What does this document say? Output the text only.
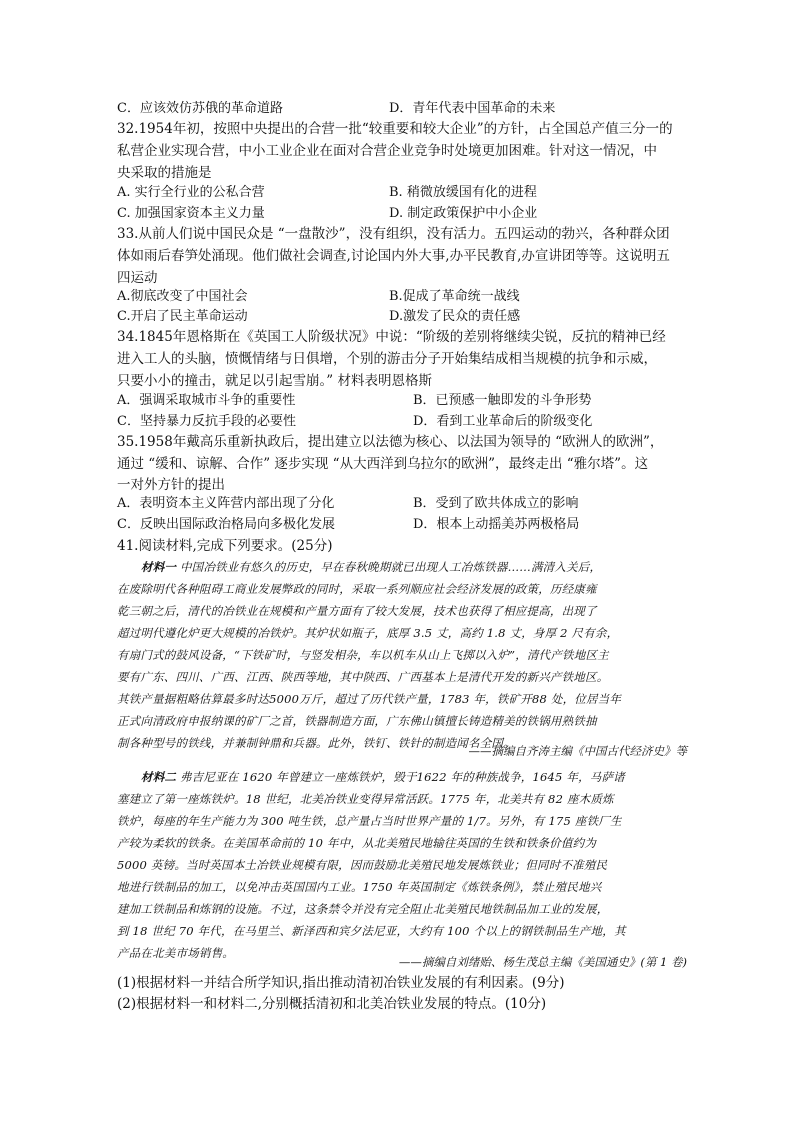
C．应该效仿苏俄的革命道路	D．青年代表中国革命的未来
32.1954年初，按照中央提出的合营一批“较重要和较大企业”的方针，占全国总产值三分一的
私营企业实现合营，中小工业企业在面对合营企业竞争时处境更加困难。针对这一情况，中
央采取的措施是
A. 实行全行业的公私合营	B. 稍微放缓国有化的进程
C. 加强国家资本主义力量	D. 制定政策保护中小企业
33.从前人们说中国民众是 “一盘散沙”，没有组织，没有活力。五四运动的勃兴，各种群众团
体如雨后春笋处涌现。他们做社会调查,讨论国内外大事,办平民教育,办宣讲团等等。这说明五
四运动
A.彻底改变了中国社会	B.促成了革命统一战线
C.开启了民主革命运动	D.激发了民众的责任感
34.1845年恩格斯在《英国工人阶级状况》中说：“阶级的差别将继续尖锐，反抗的精神已经
进入工人的头脑，愤慨情绪与日俱增，个别的游击分子开始集结成相当规模的抗争和示威，
只要小小的撞击，就足以引起雪崩。” 材料表明恩格斯
A．强调采取城市斗争的重要性	B．已预感一触即发的斗争形势
C．坚持暴力反抗手段的必要性	D．看到工业革命后的阶级变化
35.1958年戴高乐重新执政后，提出建立以法德为核心、以法国为领导的 “欧洲人的欧洲”，
通过 “缓和、谅解、合作” 逐步实现 “从大西洋到乌拉尔的欧洲”，最终走出 “雅尔塔”。这
一对外方针的提出
A．表明资本主义阵营内部出现了分化	B．受到了欧共体成立的影响
C．反映出国际政治格局向多极化发展	D．根本上动摇美苏两极格局
41.阅读材料,完成下列要求。(25分)
材料一 中国冶铁业有悠久的历史，早在春秋晚期就已出现人工冶炼铁器……满清入关后，
在废除明代各种阻碍工商业发展弊政的同时，采取一系列顺应社会经济发展的政策，历经康雍
乾三朝之后，清代的冶铁业在规模和产量方面有了较大发展，技术也获得了相应提高，出现了
超过明代遵化炉更大规模的冶铁炉。其炉状如瓶子，底厚 3.5 丈，高约 1.8 丈，身厚 2 尺有余，
有扇门式的鼓风设备，“下铁矿时，与竖发相杂，车以机车从山上飞掷以入炉”，清代产铁地区主
要有广东、四川、广西、江西、陕西等地，其中陕西、广西基本上是清代开发的新兴产铁地区。
其铁产量据粗略估算最多时达5000万斤，超过了历代铁产量，1783 年，铁矿开88 处，位居当年
正式向清政府申报纳课的矿厂之首，铁器制造方面，广东佛山镇擅长铸造精美的铁锅用熟铁抽
制各种型号的铁线，并兼制钟鼎和兵器。此外，铁钉、铁针的制造闻名全国。
——摘编自齐涛主编《中国古代经济史》等
材料二 弗吉尼亚在 1620 年曾建立一座炼铁炉，毁于1622 年的种族战争，1645 年，马萨诸
塞建立了第一座炼铁炉。18 世纪，北美冶铁业变得异常活跃。1775 年，北美共有 82 座木质炼
铁炉，每座的年生产能力为 300 吨生铁，总产量占当时世界产量的 1/7。另外，有 175 座铁厂生
产较为柔软的铁条。在美国革命前的 10 年中，从北美殖民地输往英国的生铁和铁条价值约为
5000 英镑。当时英国本土冶铁业规模有限，因而鼓励北美殖民地发展炼铁业；但同时不准殖民
地进行铁制品的加工，以免冲击英国国内工业。1750 年英国制定《炼铁条例》，禁止殖民地兴
建加工铁制品和炼钢的设施。不过，这条禁令并没有完全阻止北美殖民地铁制品加工业的发展，
到 18 世纪 70 年代，在马里兰、新泽西和宾夕法尼亚，大约有 100 个以上的钢铁制品生产地，其
产品在北美市场销售。
——摘编自刘绪贻、杨生茂总主编《美国通史》(第 1 卷)
(1)根据材料一并结合所学知识,指出推动清初冶铁业发展的有利因素。(9分)
(2)根据材料一和材料二,分别概括清初和北美冶铁业发展的特点。(10分)
